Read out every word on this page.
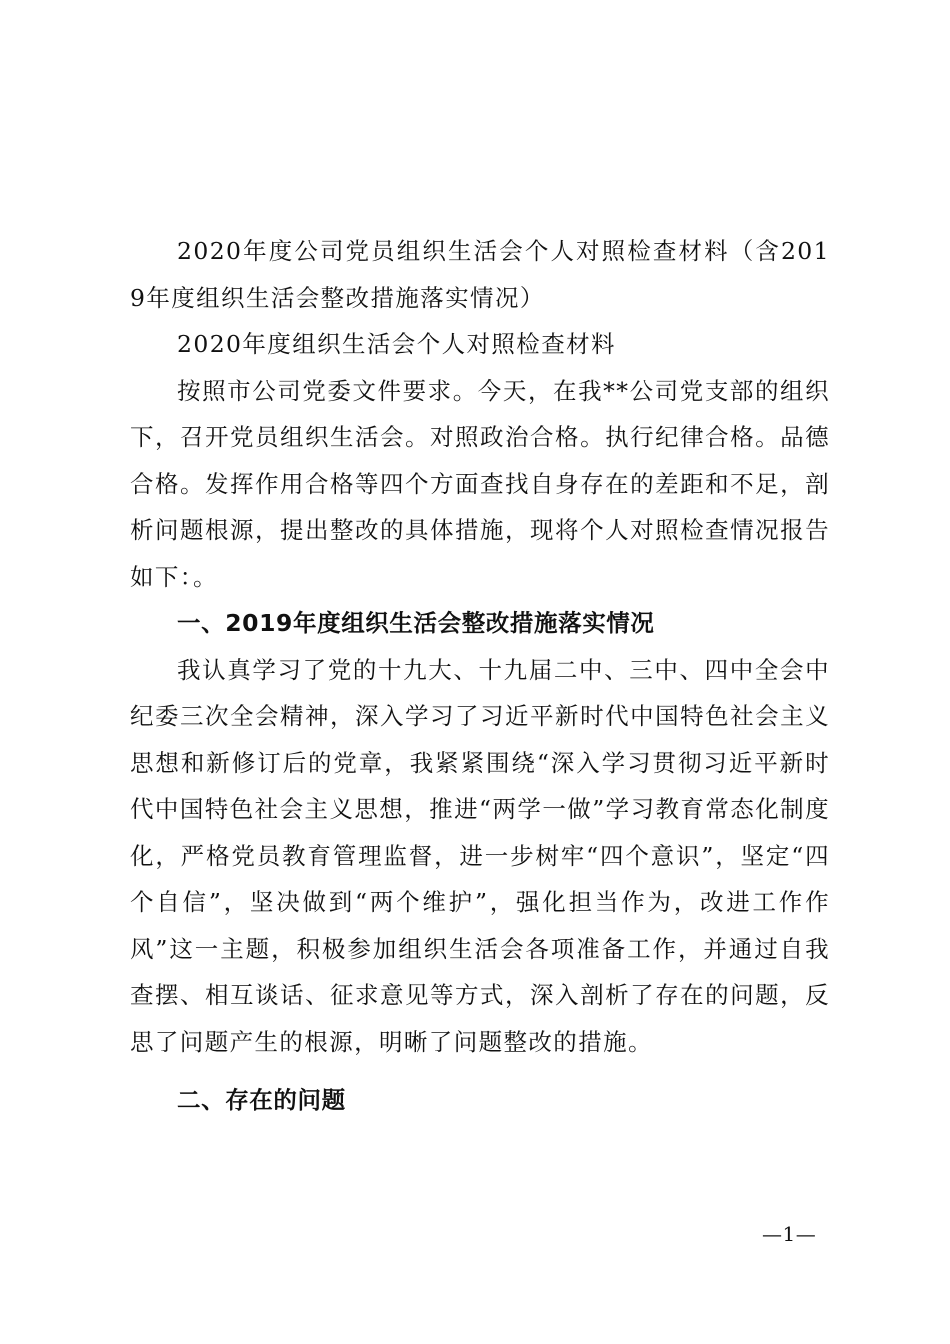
2020年度公司党员组织生活会个人对照检查材料（含2019年度组织生活会整改措施落实情况）

2020年度组织生活会个人对照检查材料

按照市公司党委文件要求。今天，在我**公司党支部的组织下，召开党员组织生活会。对照政治合格。执行纪律合格。品德合格。发挥作用合格等四个方面查找自身存在的差距和不足，剖析问题根源，提出整改的具体措施，现将个人对照检查情况报告如下：。

一、2019年度组织生活会整改措施落实情况

我认真学习了党的十九大、十九届二中、三中、四中全会中纪委三次全会精神，深入学习了习近平新时代中国特色社会主义思想和新修订后的党章，我紧紧围绕“深入学习贯彻习近平新时代中国特色社会主义思想，推进“两学一做”学习教育常态化制度化，严格党员教育管理监督，进一步树牢“四个意识”，坚定“四个自信”，坚决做到“两个维护”，强化担当作为，改进工作作风”这一主题，积极参加组织生活会各项准备工作，并通过自我查摆、相互谈话、征求意见等方式，深入剖析了存在的问题，反思了问题产生的根源，明晰了问题整改的措施。

二、存在的问题

—1—
